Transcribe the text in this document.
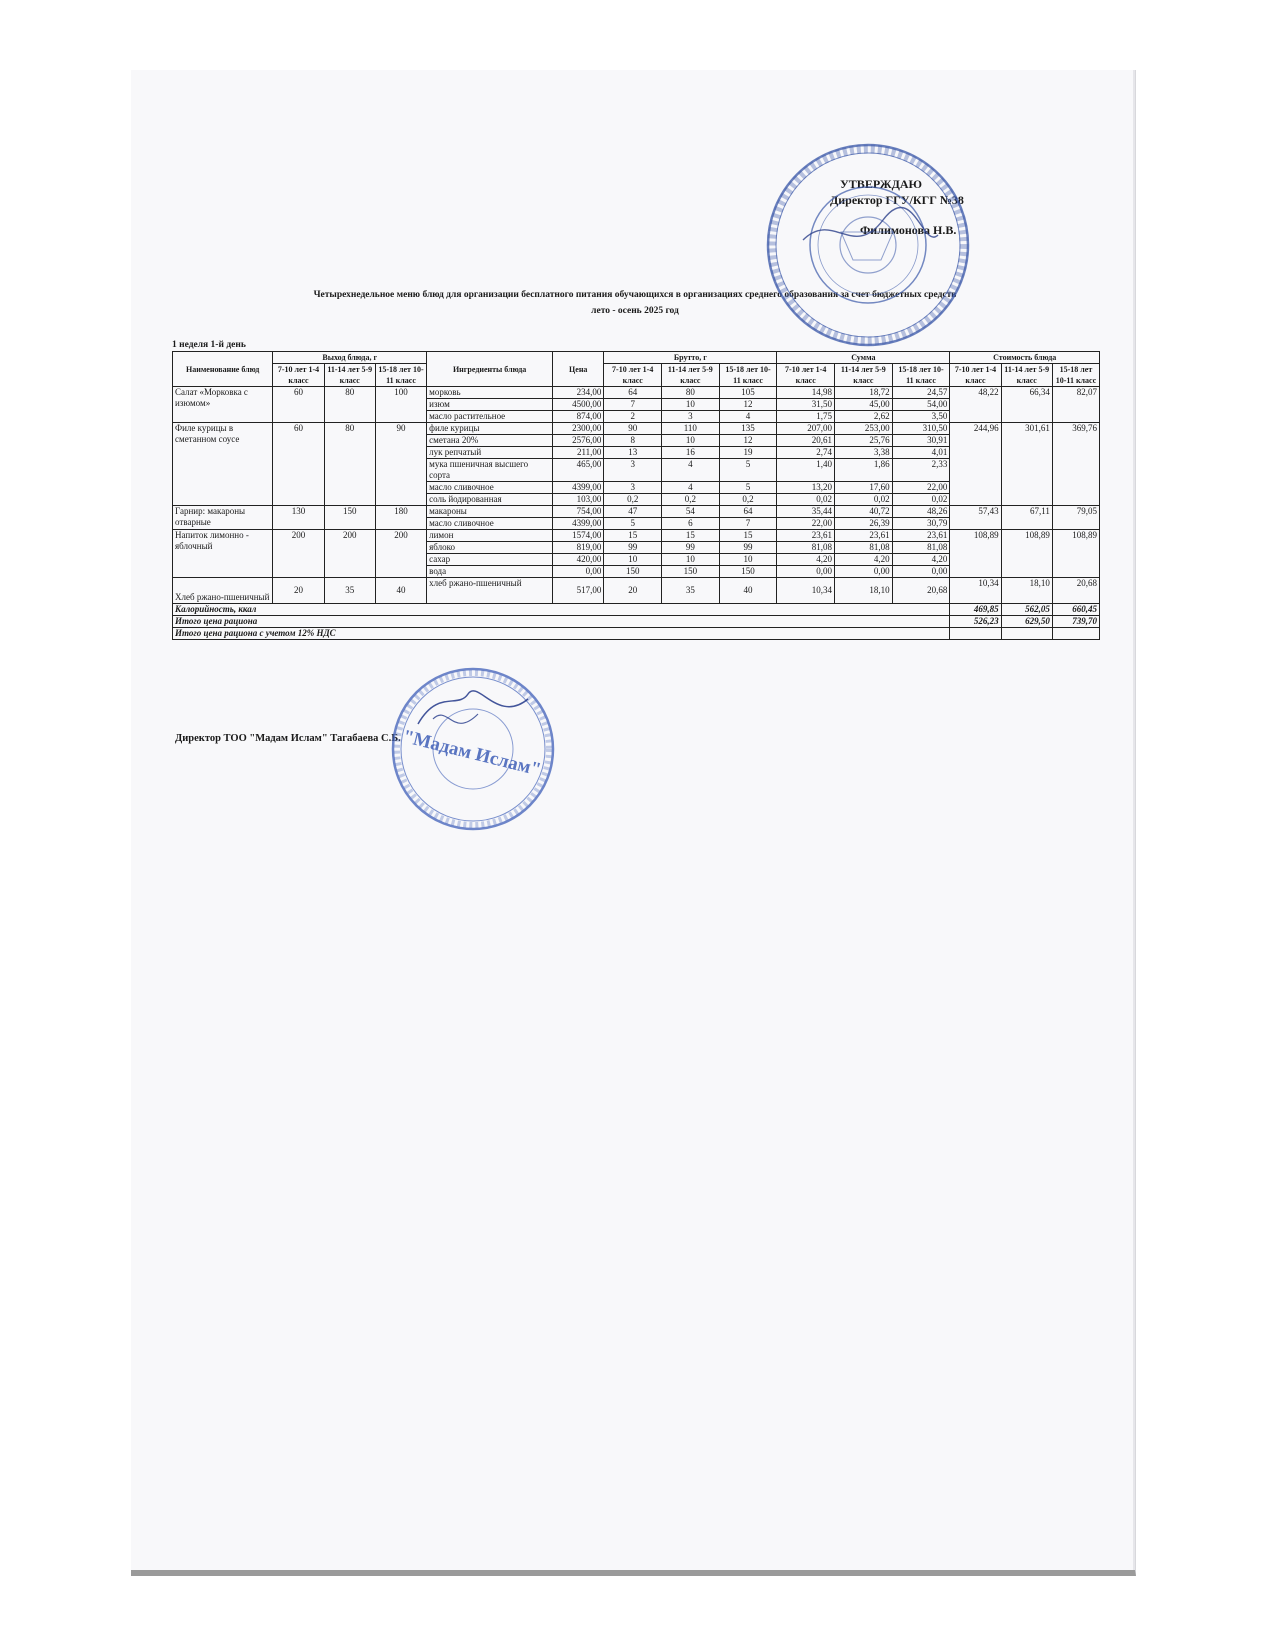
УТВЕРЖДАЮ
Директор ГГУ/КГГ №38
Филимонова Н.В.
Четырехнедельное меню блюд для организации бесплатного питания обучающихся в организациях среднего образования за счет бюджетных средств
лето - осень 2025 год
1 неделя 1-й день
Наименование блюд	Выход блюда, г			Ингредиенты блюда	Цена	Брутто, г			Сумма			Стоимость блюда		
	7-10 лет 1-4 класс	11-14 лет 5-9 класс	15-18 лет 10-11 класс			7-10 лет 1-4 класс	11-14 лет 5-9 класс	15-18 лет 10-11 класс	7-10 лет 1-4 класс	11-14 лет 5-9 класс	15-18 лет 10-11 класс	7-10 лет 1-4 класс	11-14 лет 5-9 класс	15-18 лет 10-11 класс
Салат «Морковка с изюмом»	60	80	100	морковь	234,00	64	80	105	14,98	18,72	24,57	48,22	66,34	82,07
				изюм	4500,00	7	10	12	31,50	45,00	54,00			
				масло растительное	874,00	2	3	4	1,75	2,62	3,50			
Филе курицы в сметанном соусе	60	80	90	филе курицы	2300,00	90	110	135	207,00	253,00	310,50	244,96	301,61	369,76
				сметана 20%	2576,00	8	10	12	20,61	25,76	30,91			
				лук репчатый	211,00	13	16	19	2,74	3,38	4,01			
				мука пшеничная высшего сорта	465,00	3	4	5	1,40	1,86	2,33			
				масло сливочное	4399,00	3	4	5	13,20	17,60	22,00			
				соль йодированная	103,00	0,2	0,2	0,2	0,02	0,02	0,02			
Гарнир: макароны отварные	130	150	180	макароны	754,00	47	54	64	35,44	40,72	48,26	57,43	67,11	79,05
				масло сливочное	4399,00	5	6	7	22,00	26,39	30,79			
Напиток лимонно - яблочный	200	200	200	лимон	1574,00	15	15	15	23,61	23,61	23,61	108,89	108,89	108,89
				яблоко	819,00	99	99	99	81,08	81,08	81,08			
				сахар	420,00	10	10	10	4,20	4,20	4,20			
				вода	0,00	150	150	150	0,00	0,00	0,00			
Хлеб ржано-пшеничный	20	35	40	хлеб ржано-пшеничный	517,00	20	35	40	10,34	18,10	20,68	10,34	18,10	20,68
Калорийность, ккал												469,85	562,05	660,45
Итого цена рациона												526,23	629,50	739,70
Итого цена рациона с учетом 12% НДС														
Директор ТОО "Мадам Ислам" Тагабаева С.Б. "Мадам Ислам"
